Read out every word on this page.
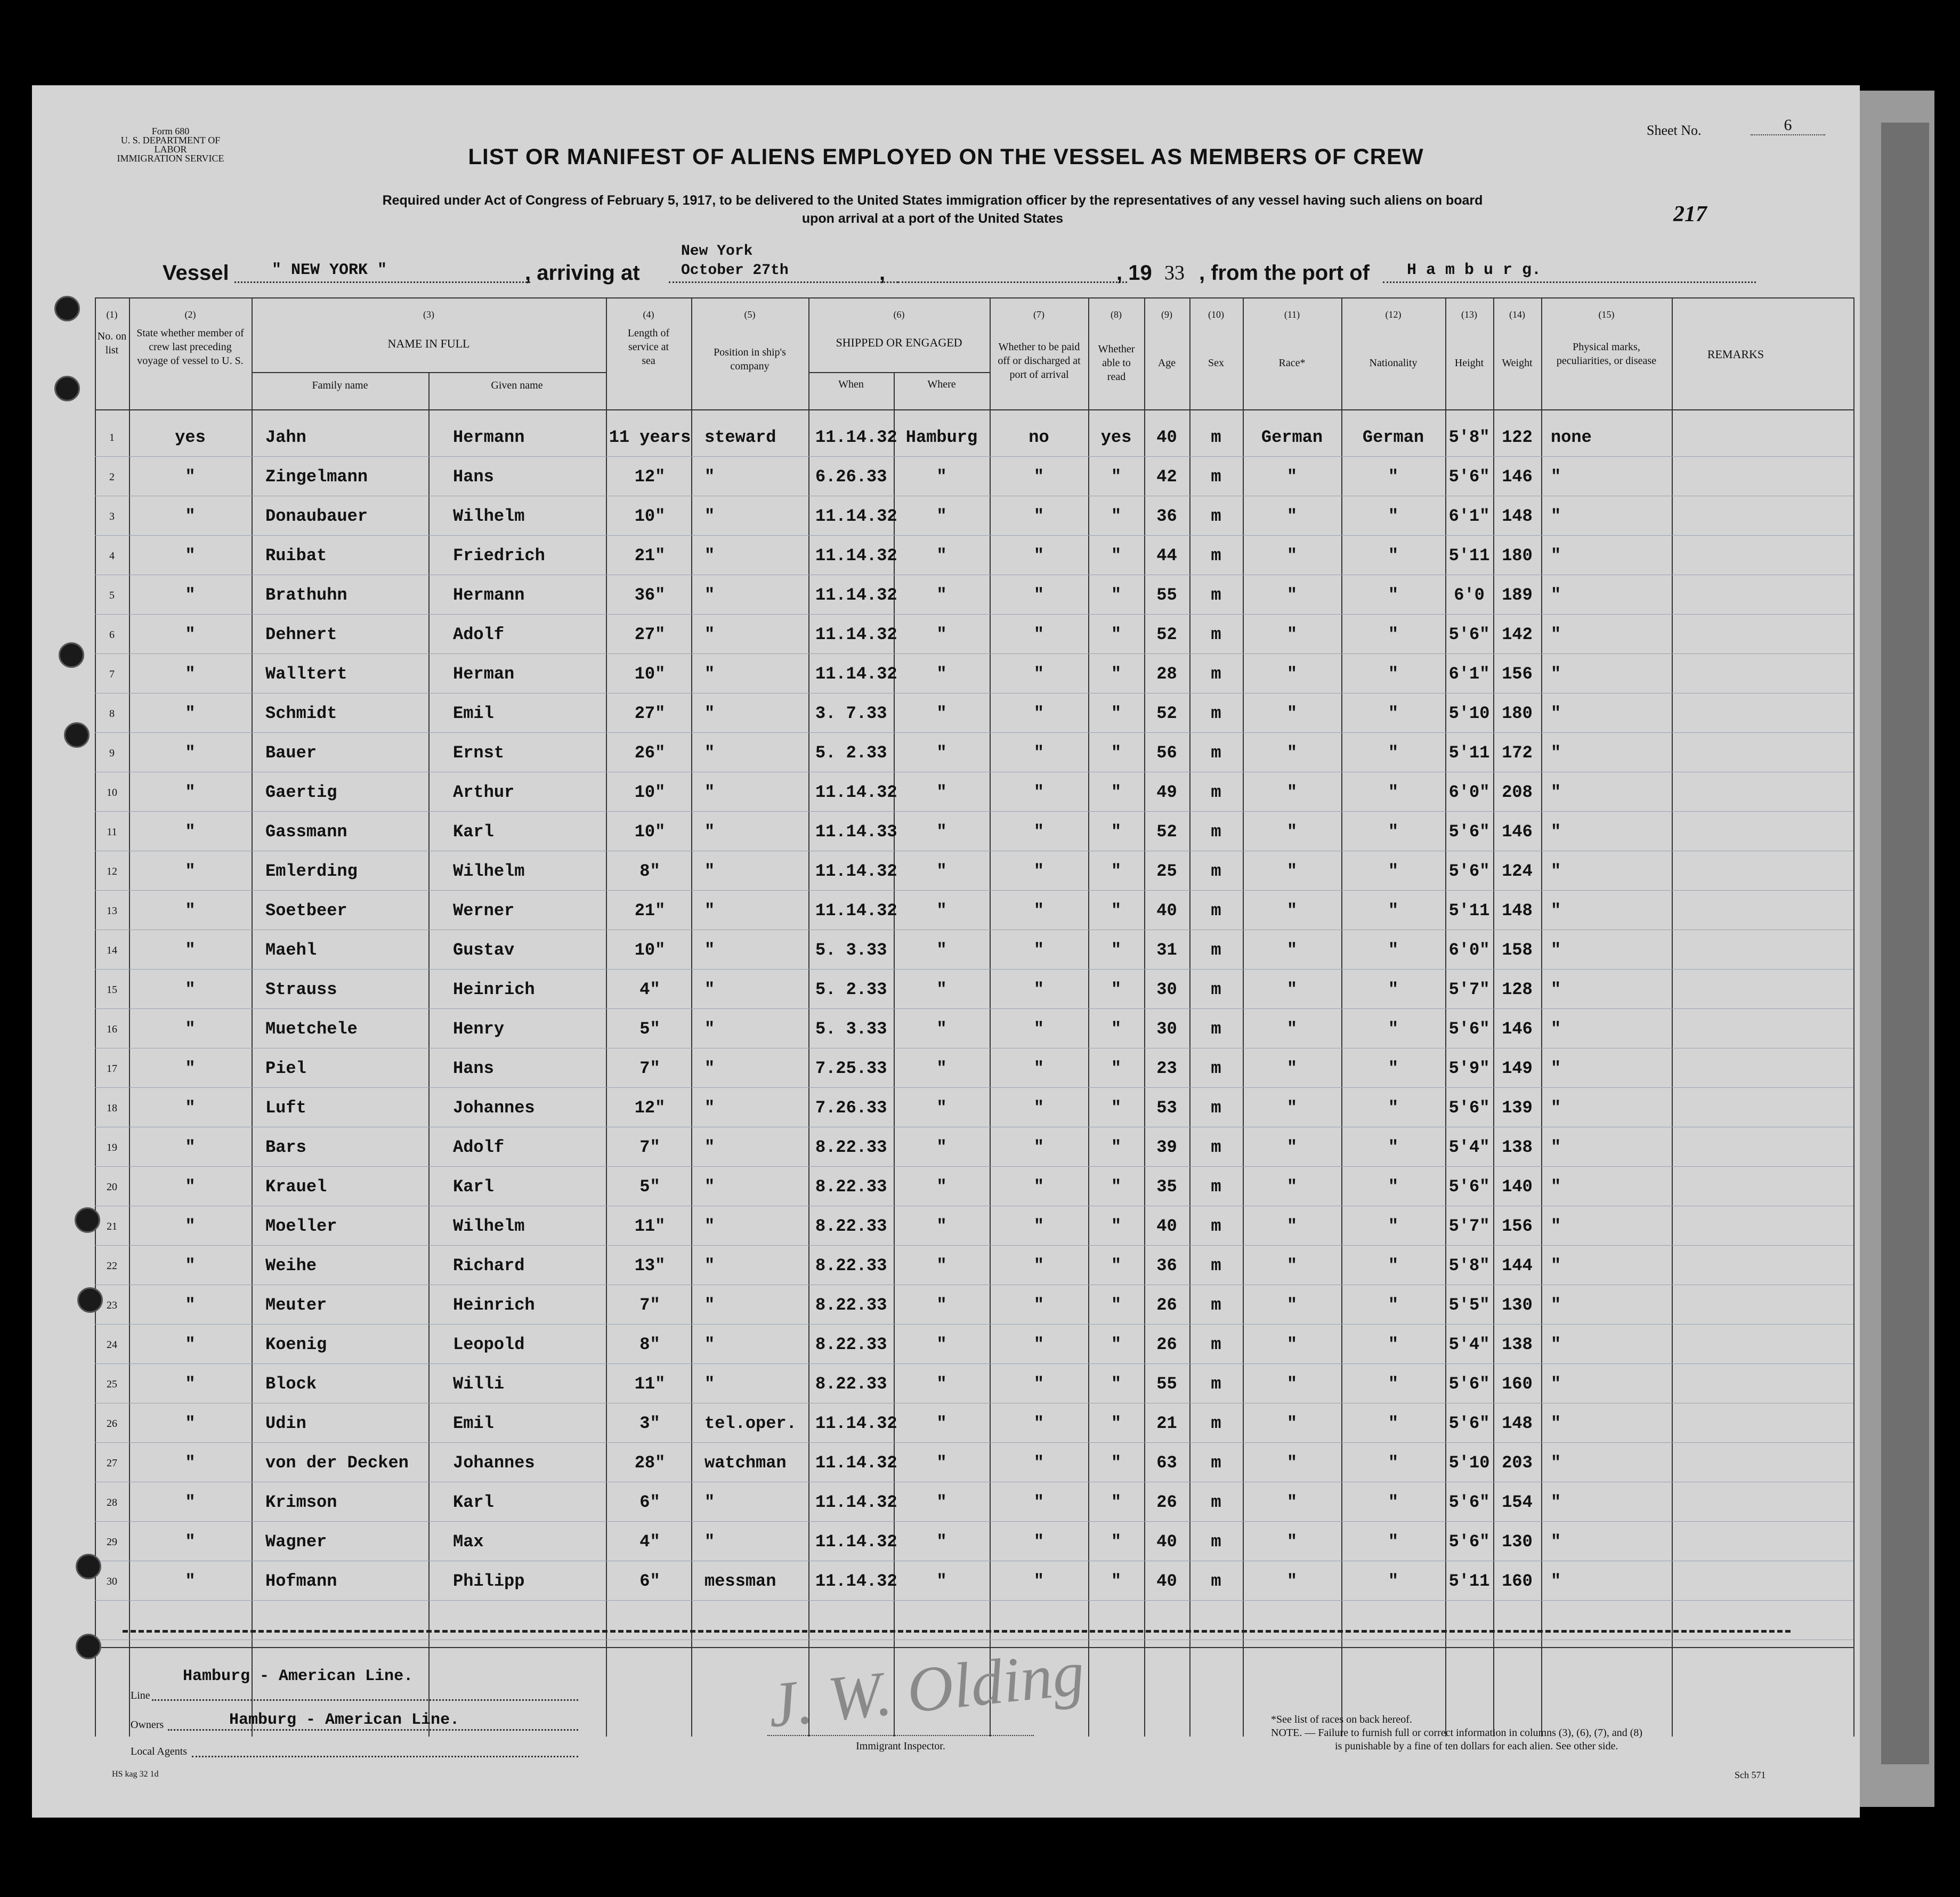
Form 680
U. S. DEPARTMENT OF LABOR
IMMIGRATION SERVICE
Sheet No.	6
LIST OR MANIFEST OF ALIENS EMPLOYED ON THE VESSEL AS MEMBERS OF CREW
Required under Act of Congress of February 5, 1917, to be delivered to the United States immigration officer by the representatives of any vessel having such aliens on board
upon arrival at a port of the United States	217
Vessel	" NEW YORK "	, arriving at
New York
October 27th	,	, 19 33 , from the port of H a m b u r g.
(1)
No. on list
(2)
State whether member of crew last preceding voyage of vessel to U. S.
(3)
NAME IN FULL
Family name	Given name
(4)
Length of service at sea
(5)
Position in ship's company
(6)
SHIPPED OR ENGAGED
When	Where
(7)
Whether to be paid off or discharged at port of arrival
(8)
Whether able to read
(9)
Age
(10)
Sex
(11)
Race*
(12)
Nationality
(13)
Height
(14)
Weight
(15)
Physical marks, peculiarities, or disease	REMARKS
1	yes	Jahn	Hermann	11 years steward	11.14.32 Hamburg	no	yes	40	m	German	German	5'8" 122	none
2	"	Zingelmann	Hans	12"	"	6.26.33	"	"	"	42	m	"	"	5'6" 146	"
3	"	Donaubauer	Wilhelm	10"	"	11.14.32	"	"	"	36	m	"	"	6'1" 148	"
4	"	Ruibat	Friedrich	21"	"	11.14.32	"	"	"	44	m	"	"	5'11 180	"
5	"	Brathuhn	Hermann	36"	"	11.14.32	"	"	"	55	m	"	"	6'0	189	"
6	"	Dehnert	Adolf	27"	"	11.14.32	"	"	"	52	m	"	"	5'6" 142	"
7	"	Walltert	Herman	10"	"	11.14.32	"	"	"	28	m	"	"	6'1" 156	"
8	"	Schmidt	Emil	27"	"	3. 7.33	"	"	"	52	m	"	"	5'10 180	"
9	"	Bauer	Ernst	26"	"	5. 2.33	"	"	"	56	m	"	"	5'11 172	"
10	"	Gaertig	Arthur	10"	"	11.14.32	"	"	"	49	m	"	"	6'0" 208	"
11	"	Gassmann	Karl	10"	"	11.14.33	"	"	"	52	m	"	"	5'6" 146	"
12	"	Emlerding	Wilhelm	8"	"	11.14.32	"	"	"	25	m	"	"	5'6" 124	"
13	"	Soetbeer	Werner	21"	"	11.14.32	"	"	"	40	m	"	"	5'11 148	"
14	"	Maehl	Gustav	10"	"	5. 3.33	"	"	"	31	m	"	"	6'0" 158	"
15	"	Strauss	Heinrich	4"	"	5. 2.33	"	"	"	30	m	"	"	5'7" 128	"
16	"	Muetchele	Henry	5"	"	5. 3.33	"	"	"	30	m	"	"	5'6" 146	"
17	"	Piel	Hans	7"	"	7.25.33	"	"	"	23	m	"	"	5'9" 149	"
18	"	Luft	Johannes	12"	"	7.26.33	"	"	"	53	m	"	"	5'6" 139	"
19	"	Bars	Adolf	7"	"	8.22.33	"	"	"	39	m	"	"	5'4" 138	"
20	"	Krauel	Karl	5"	"	8.22.33	"	"	"	35	m	"	"	5'6" 140	"
21	"	Moeller	Wilhelm	11"	"	8.22.33	"	"	"	40	m	"	"	5'7" 156	"
22	"	Weihe	Richard	13"	"	8.22.33	"	"	"	36	m	"	"	5'8" 144	"
23	"	Meuter	Heinrich	7"	"	8.22.33	"	"	"	26	m	"	"	5'5" 130	"
24	"	Koenig	Leopold	8"	"	8.22.33	"	"	"	26	m	"	"	5'4" 138	"
25	"	Block	Willi	11"	"	8.22.33	"	"	"	55	m	"	"	5'6" 160	"
26	"	Udin	Emil	3"	tel.oper.	11.14.32	"	"	"	21	m	"	"	5'6" 148	"
27	"	von der Decken	Johannes	28"	watchman	11.14.32	"	"	"	63	m	"	"	5'10 203	"
28	"	Krimson	Karl	6"	"	11.14.32	"	"	"	26	m	"	"	5'6" 154	"
29	"	Wagner	Max	4"	"	11.14.32	"	"	"	40	m	"	"	5'6" 130	"
30	"	Hofmann	Philipp	6"	messman	11.14.32	"	"	"	40	m	"	"	5'11 160	"
Hamburg - American Line.
Line
Owners	Hamburg - American Line.
Local Agents
J. W. Olding
Immigrant Inspector.
*See list of races on back hereof.
NOTE. — Failure to furnish full or correct information in columns (3), (6), (7), and (8)
is punishable by a fine of ten dollars for each alien. See other side.
HS kag 32 1d	Sch 571
